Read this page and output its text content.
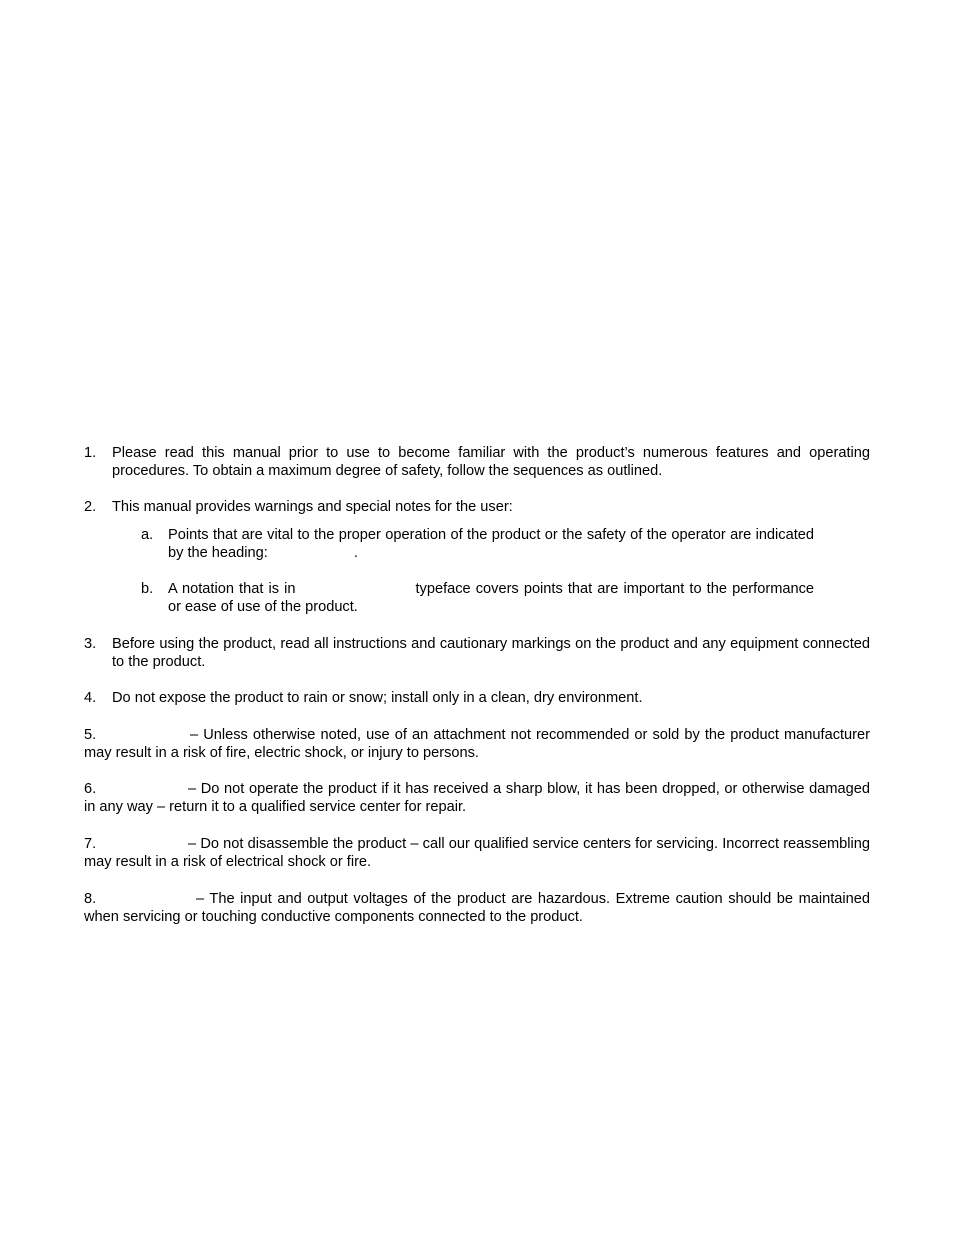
1. Please read this manual prior to use to become familiar with the product’s numerous features and operating procedures. To obtain a maximum degree of safety, follow the sequences as outlined.
2. This manual provides warnings and special notes for the user:
a. Points that are vital to the proper operation of the product or the safety of the operator are indicated by the heading:	.
b. A notation that is in	typeface covers points that are important to the performance or ease of use of the product.
3. Before using the product, read all instructions and cautionary markings on the product and any equipment connected to the product.
4. Do not expose the product to rain or snow; install only in a clean, dry environment.
5.	– Unless otherwise noted, use of an attachment not recommended or sold by the product manufacturer may result in a risk of fire, electric shock, or injury to persons.
6.	– Do not operate the product if it has received a sharp blow, it has been dropped, or otherwise damaged in any way – return it to a qualified service center for repair.
7.	– Do not disassemble the product – call our qualified service centers for servicing. Incorrect reassembling may result in a risk of electrical shock or fire.
8.	– The input and output voltages of the product are hazardous. Extreme caution should be maintained when servicing or touching conductive components connected to the product.
